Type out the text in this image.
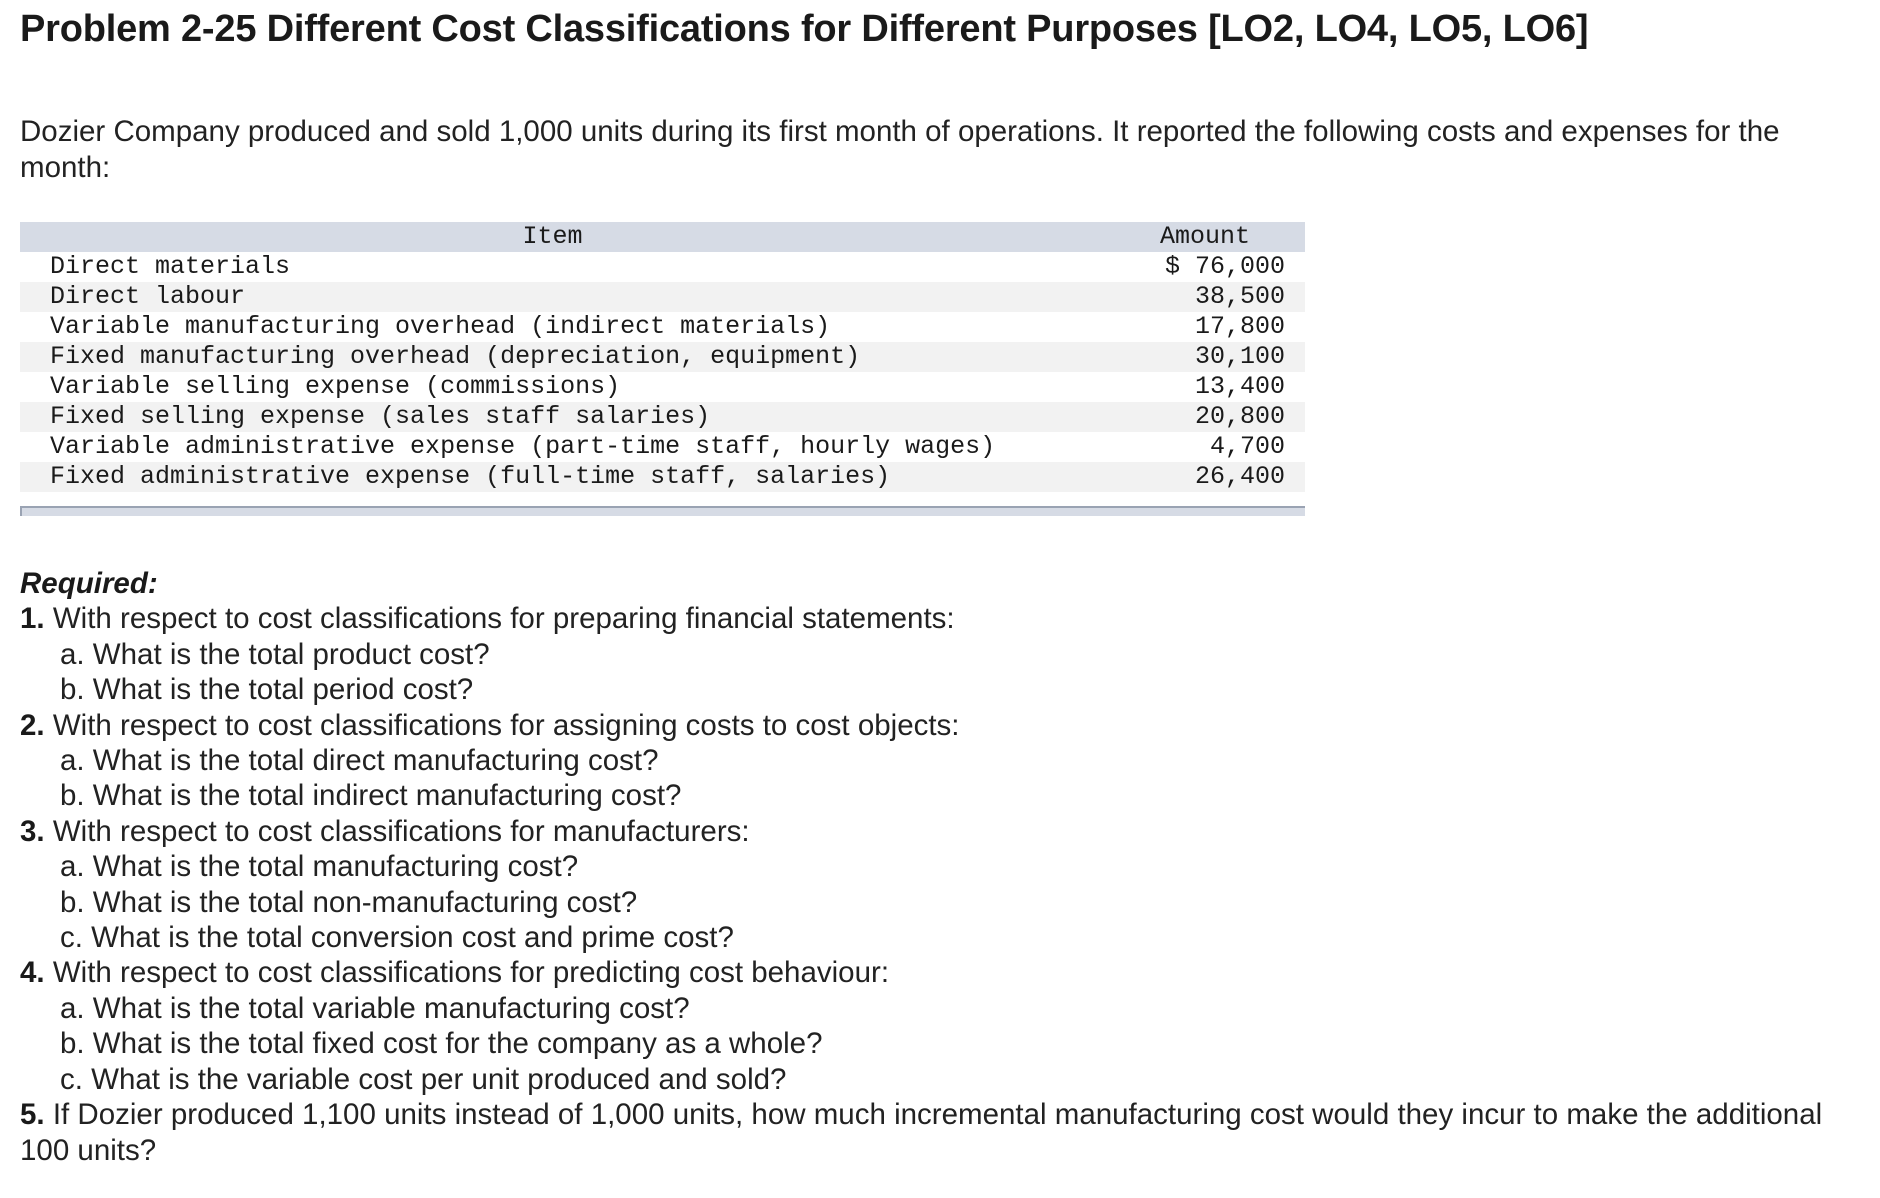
Problem 2-25 Different Cost Classifications for Different Purposes [LO2, LO4, LO5, LO6]
Dozier Company produced and sold 1,000 units during its first month of operations. It reported the following costs and expenses for the month:
Item	Amount
Direct materials	$ 76,000
Direct labour	38,500
Variable manufacturing overhead (indirect materials)	17,800
Fixed manufacturing overhead (depreciation, equipment)	30,100
Variable selling expense (commissions)	13,400
Fixed selling expense (sales staff salaries)	20,800
Variable administrative expense (part-time staff, hourly wages)	4,700
Fixed administrative expense (full-time staff, salaries)	26,400
Required:
1. With respect to cost classifications for preparing financial statements:
a. What is the total product cost?
b. What is the total period cost?
2. With respect to cost classifications for assigning costs to cost objects:
a. What is the total direct manufacturing cost?
b. What is the total indirect manufacturing cost?
3. With respect to cost classifications for manufacturers:
a. What is the total manufacturing cost?
b. What is the total non-manufacturing cost?
c. What is the total conversion cost and prime cost?
4. With respect to cost classifications for predicting cost behaviour:
a. What is the total variable manufacturing cost?
b. What is the total fixed cost for the company as a whole?
c. What is the variable cost per unit produced and sold?
5. If Dozier produced 1,100 units instead of 1,000 units, how much incremental manufacturing cost would they incur to make the additional 100 units?
